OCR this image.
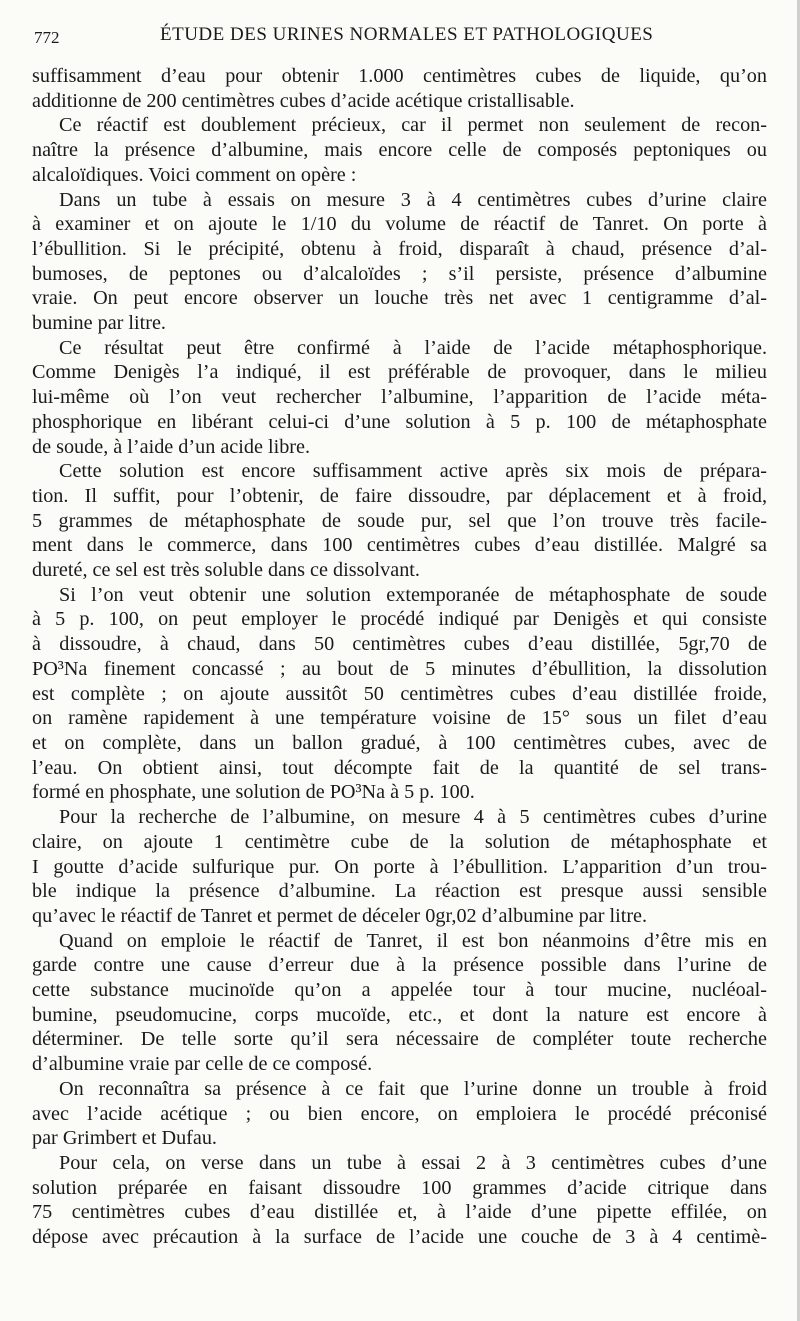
772	ÉTUDE DES URINES NORMALES ET PATHOLOGIQUES
suffisamment d’eau pour obtenir 1.000 centimètres cubes de liquide, qu’on
additionne de 200 centimètres cubes d’acide acétique cristallisable.
Ce réactif est doublement précieux, car il permet non seulement de recon-
naître la présence d’albumine, mais encore celle de composés peptoniques ou
alcaloïdiques. Voici comment on opère :
Dans un tube à essais on mesure 3 à 4 centimètres cubes d’urine claire
à examiner et on ajoute le 1/10 du volume de réactif de Tanret. On porte à
l’ébullition. Si le précipité, obtenu à froid, disparaît à chaud, présence d’al-
bumoses, de peptones ou d’alcaloïdes ; s’il persiste, présence d’albumine
vraie. On peut encore observer un louche très net avec 1 centigramme d’al-
bumine par litre.
Ce résultat peut être confirmé à l’aide de l’acide métaphosphorique.
Comme Denigès l’a indiqué, il est préférable de provoquer, dans le milieu
lui-même où l’on veut rechercher l’albumine, l’apparition de l’acide méta-
phosphorique en libérant celui-ci d’une solution à 5 p. 100 de métaphosphate
de soude, à l’aide d’un acide libre.
Cette solution est encore suffisamment active après six mois de prépara-
tion. Il suffit, pour l’obtenir, de faire dissoudre, par déplacement et à froid,
5 grammes de métaphosphate de soude pur, sel que l’on trouve très facile-
ment dans le commerce, dans 100 centimètres cubes d’eau distillée. Malgré sa
dureté, ce sel est très soluble dans ce dissolvant.
Si l’on veut obtenir une solution extemporanée de métaphosphate de soude
à 5 p. 100, on peut employer le procédé indiqué par Denigès et qui consiste
à dissoudre, à chaud, dans 50 centimètres cubes d’eau distillée, 5gr,70 de
PO³Na finement concassé ; au bout de 5 minutes d’ébullition, la dissolution
est complète ; on ajoute aussitôt 50 centimètres cubes d’eau distillée froide,
on ramène rapidement à une température voisine de 15° sous un filet d’eau
et on complète, dans un ballon gradué, à 100 centimètres cubes, avec de
l’eau. On obtient ainsi, tout décompte fait de la quantité de sel trans-
formé en phosphate, une solution de PO³Na à 5 p. 100.
Pour la recherche de l’albumine, on mesure 4 à 5 centimètres cubes d’urine
claire, on ajoute 1 centimètre cube de la solution de métaphosphate et
I goutte d’acide sulfurique pur. On porte à l’ébullition. L’apparition d’un trou-
ble indique la présence d’albumine. La réaction est presque aussi sensible
qu’avec le réactif de Tanret et permet de déceler 0gr,02 d’albumine par litre.
Quand on emploie le réactif de Tanret, il est bon néanmoins d’être mis en
garde contre une cause d’erreur due à la présence possible dans l’urine de
cette substance mucinoïde qu’on a appelée tour à tour mucine, nucléoal-
bumine, pseudomucine, corps mucoïde, etc., et dont la nature est encore à
déterminer. De telle sorte qu’il sera nécessaire de compléter toute recherche
d’albumine vraie par celle de ce composé.
On reconnaîtra sa présence à ce fait que l’urine donne un trouble à froid
avec l’acide acétique ; ou bien encore, on emploiera le procédé préconisé
par Grimbert et Dufau.
Pour cela, on verse dans un tube à essai 2 à 3 centimètres cubes d’une
solution préparée en faisant dissoudre 100 grammes d’acide citrique dans
75 centimètres cubes d’eau distillée et, à l’aide d’une pipette effilée, on
dépose avec précaution à la surface de l’acide une couche de 3 à 4 centimè-
